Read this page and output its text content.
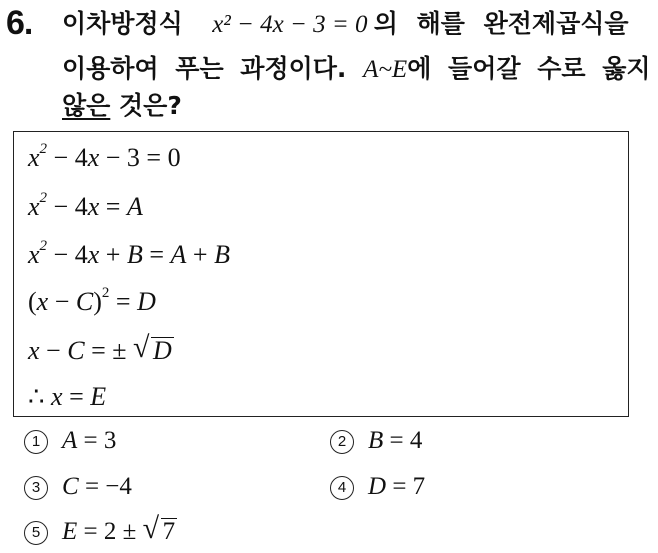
6. 이차방정식 x² − 4x − 3 = 0 의 해를 완전제곱식을
이용하여 푸는 과정이다. A~E에 들어갈 수로 옳지
않은 것은?
$x^2 - 4x - 3 = 0$
$x^2 - 4x = A$
$x^2 - 4x + B = A + B$
$(x - C)^2 = D$
x − C = ± √ D
∴ x = E
1 A = 3	2 B = 4
3 C = −4	4 D = 7
5 E = 2 ± √ 7
